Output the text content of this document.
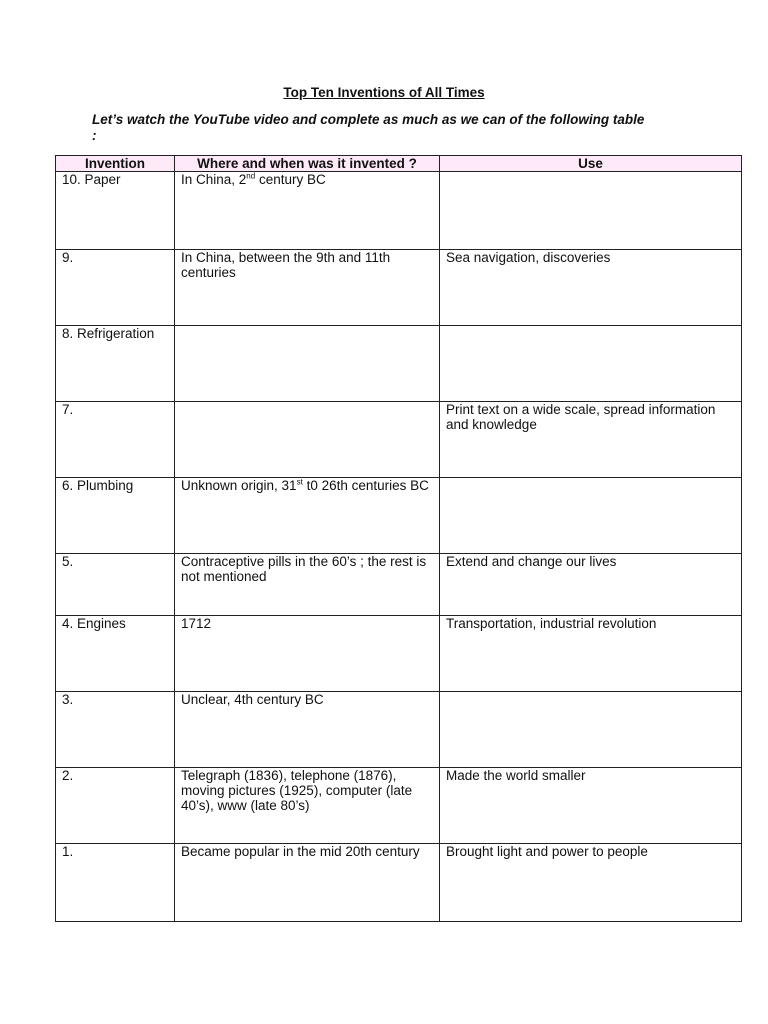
Top Ten Inventions of All Times
Let’s watch the YouTube video and complete as much as we can of the following table :
Invention	Where and when was it invented ?	Use
10. Paper	In China, 2nd century BC	
9.	In China, between the 9th and 11th centuries	Sea navigation, discoveries
8. Refrigeration		
7.		Print text on a wide scale, spread information and knowledge
6. Plumbing	Unknown origin, 31st t0 26th centuries BC	
5.	Contraceptive pills in the 60’s ; the rest is not mentioned	Extend and change our lives
4. Engines	1712	Transportation, industrial revolution
3.	Unclear, 4th century BC	
2.	Telegraph (1836), telephone (1876), moving pictures (1925), computer (late 40’s), www (late 80’s)	Made the world smaller
1.	Became popular in the mid 20th century	Brought light and power to people
